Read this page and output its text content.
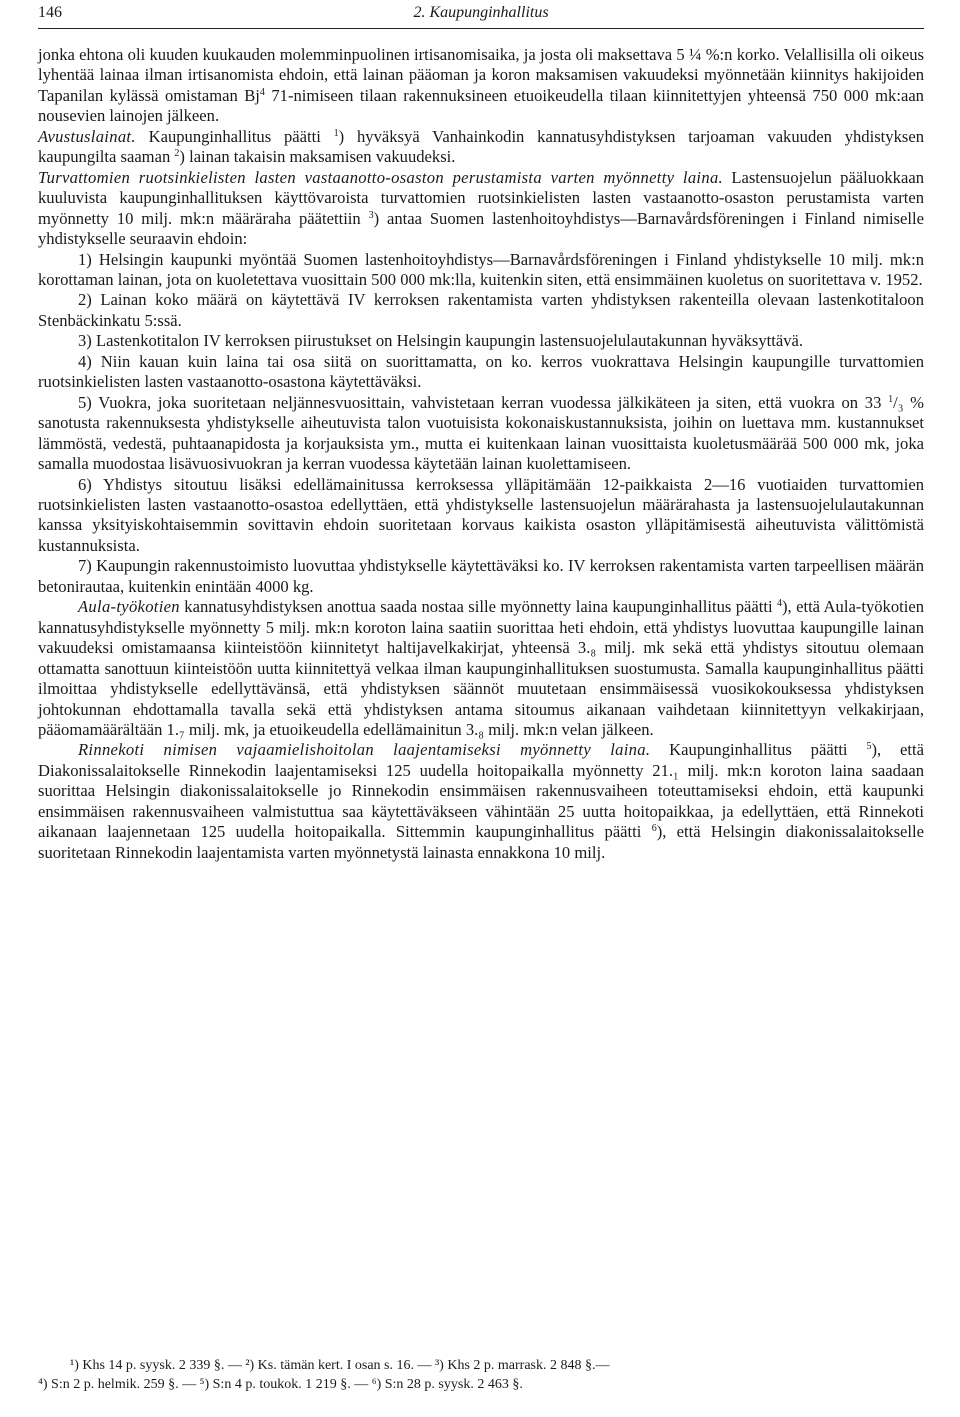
146	2. Kaupunginhallitus

jonka ehtona oli kuuden kuukauden molemminpuolinen irtisanomisaika, ja josta oli maksettava 5 ¼ %:n korko. Velallisilla oli oikeus lyhentää lainaa ilman irtisanomista ehdoin, että lainan pääoman ja koron maksamisen vakuudeksi myönnetään kiinnitys hakijoiden Tapanilan kylässä omistaman Bj$^4$ 71-nimiseen tilaan rakennuksineen etuoikeudella tilaan kiinnitettyjen yhteensä 750 000 mk:aan nousevien lainojen jälkeen.

Avustuslainat. Kaupunginhallitus päätti $^1$) hyväksyä Vanhainkodin kannatusyhdistyksen tarjoaman vakuuden yhdistyksen kaupungilta saaman $^2$) lainan takaisin maksamisen vakuudeksi.

Turvattomien ruotsinkielisten lasten vastaanotto-osaston perustamista varten myönnetty laina. Lastensuojelun pääluokkaan kuuluvista kaupunginhallituksen käyttövaroista turvattomien ruotsinkielisten lasten vastaanotto-osaston perustamista varten myönnetty 10 milj. mk:n määräraha päätettiin $^3$) antaa Suomen lastenhoitoyhdistys—Barnavårdsföreningen i Finland nimiselle yhdistykselle seuraavin ehdoin:

1) Helsingin kaupunki myöntää Suomen lastenhoitoyhdistys—Barnavårdsföreningen i Finland yhdistykselle 10 milj. mk:n korottaman lainan, jota on kuoletettava vuosittain 500 000 mk:lla, kuitenkin siten, että ensimmäinen kuoletus on suoritettava v. 1952.

2) Lainan koko määrä on käytettävä IV kerroksen rakentamista varten yhdistyksen rakenteilla olevaan lastenkotitaloon Stenbäckinkatu 5:ssä.

3) Lastenkotitalon IV kerroksen piirustukset on Helsingin kaupungin lastensuojelulautakunnan hyväksyttävä.

4) Niin kauan kuin laina tai osa siitä on suorittamatta, on ko. kerros vuokrattava Helsingin kaupungille turvattomien ruotsinkielisten lasten vastaanotto-osastona käytettäväksi.

5) Vuokra, joka suoritetaan neljännesvuosittain, vahvistetaan kerran vuodessa jälkikäteen ja siten, että vuokra on 33 $^1$/₃ % sanotusta rakennuksesta yhdistykselle aiheutuvista talon vuotuisista kokonaiskustannuksista, joihin on luettava mm. kustannukset lämmöstä, vedestä, puhtaanapidosta ja korjauksista ym., mutta ei kuitenkaan lainan vuosittaista kuoletusmäärää 500 000 mk, joka samalla muodostaa lisävuosivuokran ja kerran vuodessa käytetään lainan kuolettamiseen.

6) Yhdistys sitoutuu lisäksi edellämainitussa kerroksessa ylläpitämään 12-paikkaista 2—16 vuotiaiden turvattomien ruotsinkielisten lasten vastaanotto-osastoa edellyttäen, että yhdistykselle lastensuojelun määrärahasta ja lastensuojelulautakunnan kanssa yksityiskohtaisemmin sovittavin ehdoin suoritetaan korvaus kaikista osaston ylläpitämisestä aiheutuvista välittömistä kustannuksista.

7) Kaupungin rakennustoimisto luovuttaa yhdistykselle käytettäväksi ko. IV kerroksen rakentamista varten tarpeellisen määrän betonirautaa, kuitenkin enintään 4000 kg.

Aula-työkotien kannatusyhdistyksen anottua saada nostaa sille myönnetty laina kaupunginhallitus päätti $^4$), että Aula-työkotien kannatusyhdistykselle myönnetty 5 milj. mk:n koroton laina saatiin suorittaa heti ehdoin, että yhdistys luovuttaa kaupungille lainan vakuudeksi omistamaansa kiinteistöön kiinnitetyt haltijavelkakirjat, yhteensä 3.₈ milj. mk sekä että yhdistys sitoutuu olemaan ottamatta sanottuun kiinteistöön uutta kiinnitettyä velkaa ilman kaupunginhallituksen suostumusta. Samalla kaupunginhallitus päätti ilmoittaa yhdistykselle edellyttävänsä, että yhdistyksen säännöt muutetaan ensimmäisessä vuosikokouksessa yhdistyksen johtokunnan ehdottamalla tavalla sekä että yhdistyksen antama sitoumus aikanaan vaihdetaan kiinnitettyyn velkakirjaan, pääomamäärältään 1.₇ milj. mk, ja etuoikeudella edellämainitun 3.₈ milj. mk:n velan jälkeen.

Rinnekoti nimisen vajaamielishoitolan laajentamiseksi myönnetty laina. Kaupunginhallitus päätti $^5$), että Diakonissalaitokselle Rinnekodin laajentamiseksi 125 uudella hoitopaikalla myönnetty 21.₁ milj. mk:n koroton laina saadaan suorittaa Helsingin diakonissalaitokselle jo Rinnekodin ensimmäisen rakennusvaiheen toteuttamiseksi ehdoin, että kaupunki ensimmäisen rakennusvaiheen valmistuttua saa käytettäväkseen vähintään 25 uutta hoitopaikkaa, ja edellyttäen, että Rinnekoti aikanaan laajennetaan 125 uudella hoitopaikalla. Sittemmin kaupunginhallitus päätti $^6$), että Helsingin diakonissalaitokselle suoritetaan Rinnekodin laajentamista varten myönnetystä lainasta ennakkona 10 milj.

¹) Khs 14 p. syysk. 2 339 §. — ²) Ks. tämän kert. I osan s. 16. — ³) Khs 2 p. marrask. 2 848 §.—

⁴) S:n 2 p. helmik. 259 §. — ⁵) S:n 4 p. toukok. 1 219 §. — ⁶) S:n 28 p. syysk. 2 463 §.
